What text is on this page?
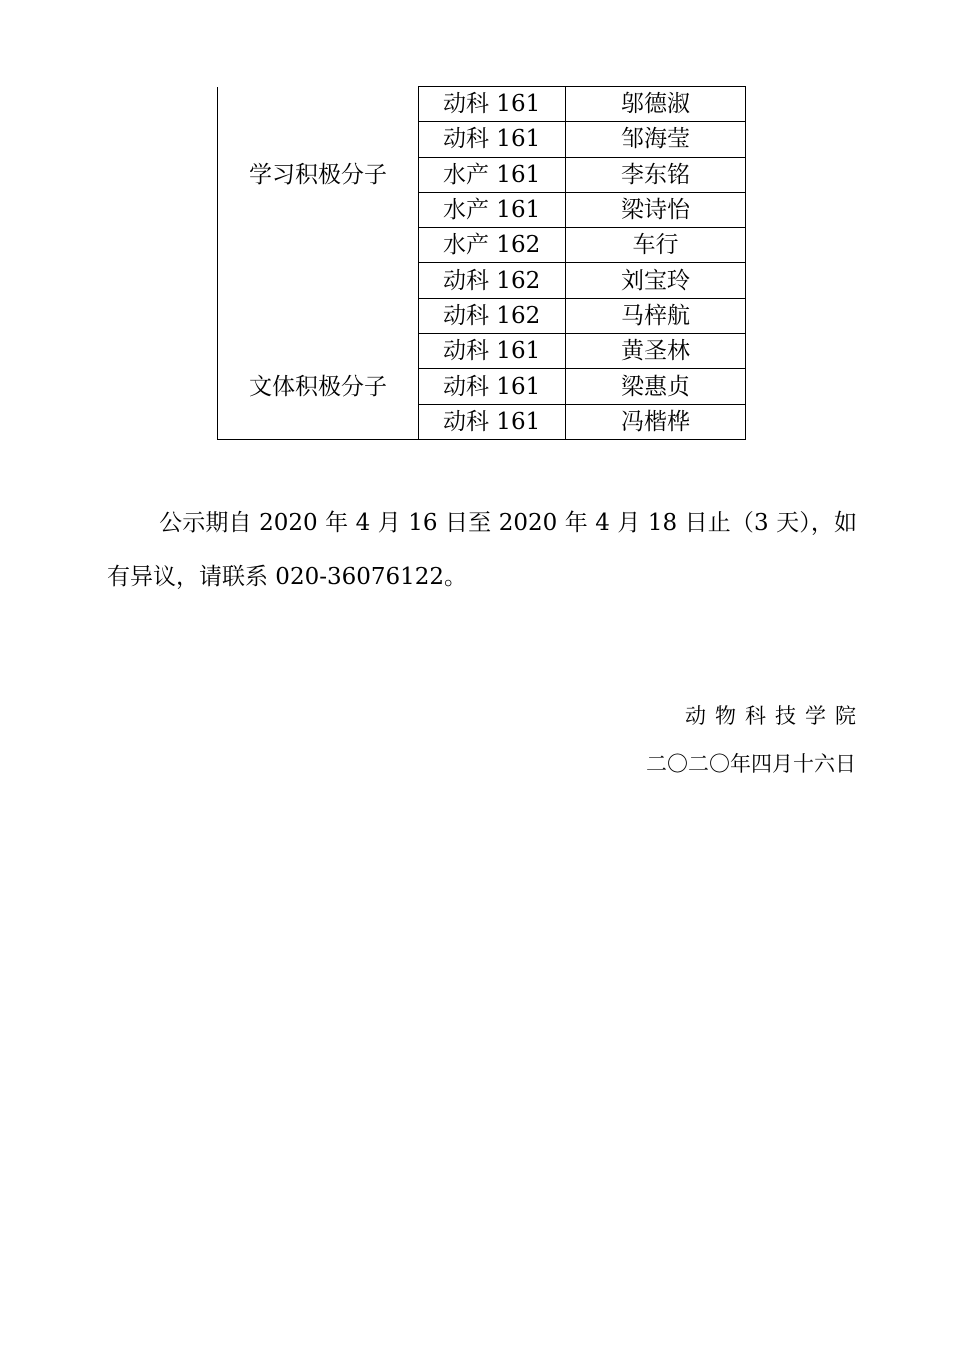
	动科 161	邬德淑
	动科 161	邹海莹
学习积极分子	水产 161	李东铭
	水产 161	梁诗怡
	水产 162	车行
	动科 162	刘宝玲
	动科 162	马梓航
	动科 161	黄圣林
文体积极分子	动科 161	梁惠贞
	动科 161	冯楷桦
公示期自 2020 年 4 月 16 日至 2020 年 4 月 18 日止（3 天），如有异议，请联系 020-36076122。
动物科技学院
二〇二〇年四月十六日
